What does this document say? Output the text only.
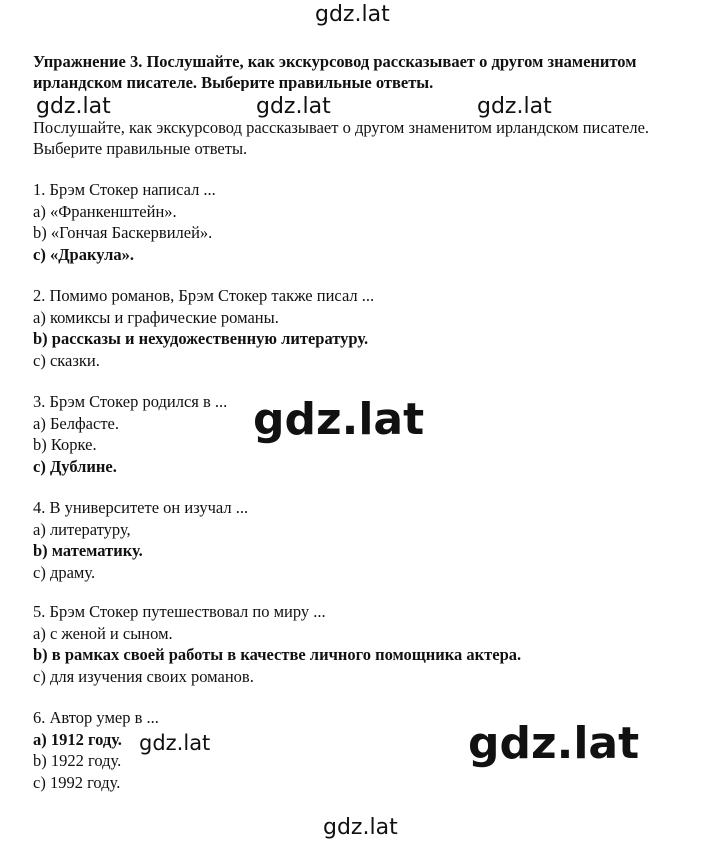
gdz.lat

Упражнение 3. Послушайте, как экскурсовод рассказывает о другом знаменитом ирландском писателе. Выберите правильные ответы.

gdz.lat	gdz.lat	gdz.lat

Послушайте, как экскурсовод рассказывает о другом знаменитом ирландском писателе. Выберите правильные ответы.

1. Брэм Стокер написал ...
a) «Франкенштейн».
b) «Гончая Баскервилей».
c) «Дракула».
2. Помимо романов, Брэм Стокер также писал ...
a) комиксы и графические романы.
b) рассказы и нехудожественную литературу.
c) сказки.
3. Брэм Стокер родился в ...
a) Белфасте.
b) Корке.
c) Дублине.
4. В университете он изучал ...
a) литературу,
b) математику.
c) драму.
5. Брэм Стокер путешествовал по миру ...
a) с женой и сыном.
b) в рамках своей работы в качестве личного помощника актера.
c) для изучения своих романов.
6. Автор умер в ...
a) 1912 году.
b) 1922 году.
c) 1992 году.
gdz.lat
gdz.lat	gdz.lat
gdz.lat
